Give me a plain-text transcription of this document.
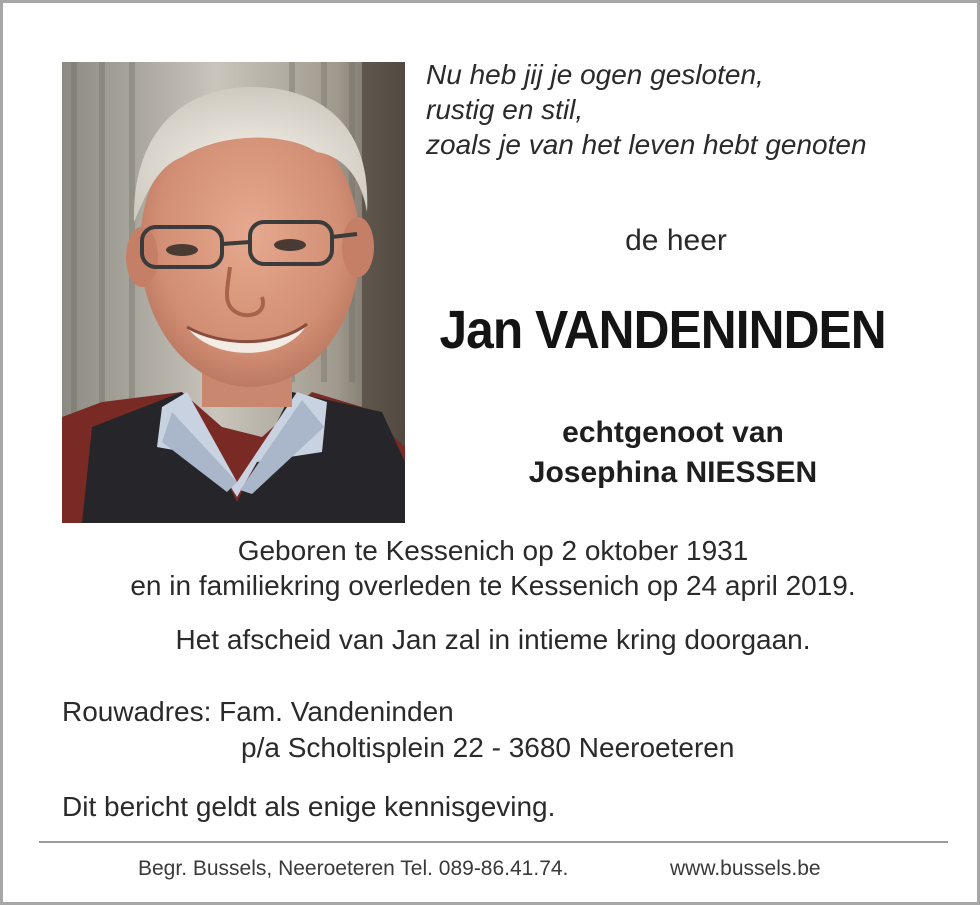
Nu heb jij je ogen gesloten,
rustig en stil,
zoals je van het leven hebt genoten
de heer
Jan VANDENINDEN
echtgenoot van
Josephina NIESSEN
Geboren te Kessenich op 2 oktober 1931
en in familiekring overleden te Kessenich op 24 april 2019.
Het afscheid van Jan zal in intieme kring doorgaan.
Rouwadres: Fam. Vandeninden
p/a Scholtisplein 22 - 3680 Neeroeteren
Dit bericht geldt als enige kennisgeving.
Begr. Bussels, Neeroeteren Tel. 089-86.41.74.	www.bussels.be
